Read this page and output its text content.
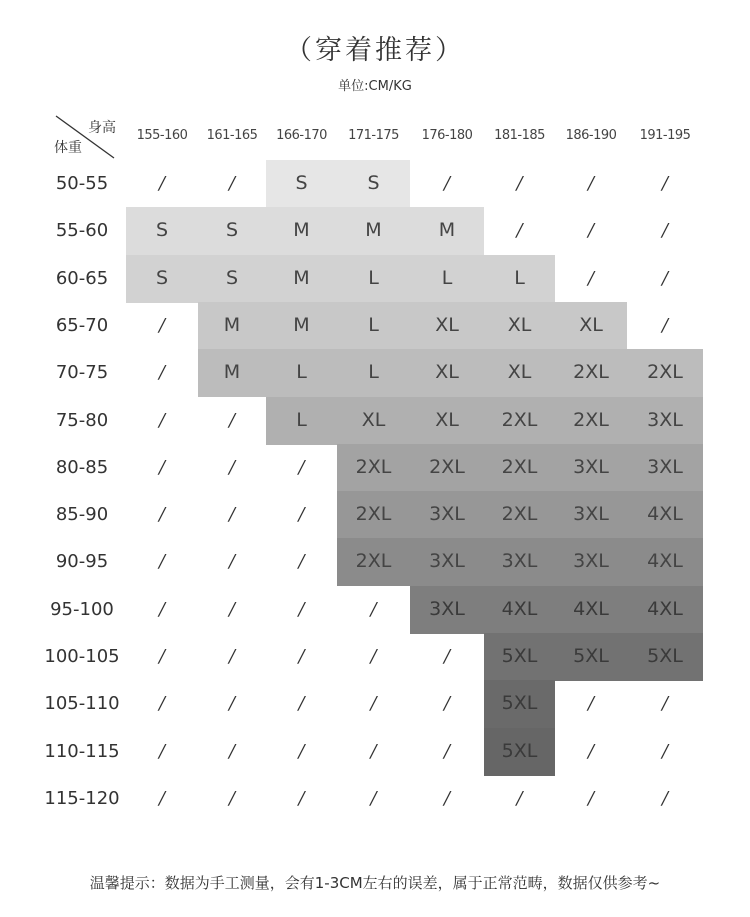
（穿着推荐）
单位:CM/KG
身高
体重
155-160	161-165	166-170	171-175	176-180	181-185	186-190	191-195
50-55	/	/	S	S	/	/	/	/
55-60	S	S	M	M	M	/	/	/
60-65	S	S	M	L	L	L	/	/
65-70	/	M	M	L	XL	XL	XL	/
70-75	/	M	L	L	XL	XL	2XL	2XL
75-80	/	/	L	XL	XL	2XL	2XL	3XL
80-85	/	/	/	2XL	2XL	2XL	3XL	3XL
85-90	/	/	/	2XL	3XL	2XL	3XL	4XL
90-95	/	/	/	2XL	3XL	3XL	3XL	4XL
95-100	/	/	/	/	3XL	4XL	4XL	4XL
100-105	/	/	/	/	/	5XL	5XL	5XL
105-110	/	/	/	/	/	5XL	/	/
110-115	/	/	/	/	/	5XL	/	/
115-120	/	/	/	/	/	/	/	/
温馨提示：数据为手工测量，会有1-3CM左右的误差，属于正常范畴，数据仅供参考~
